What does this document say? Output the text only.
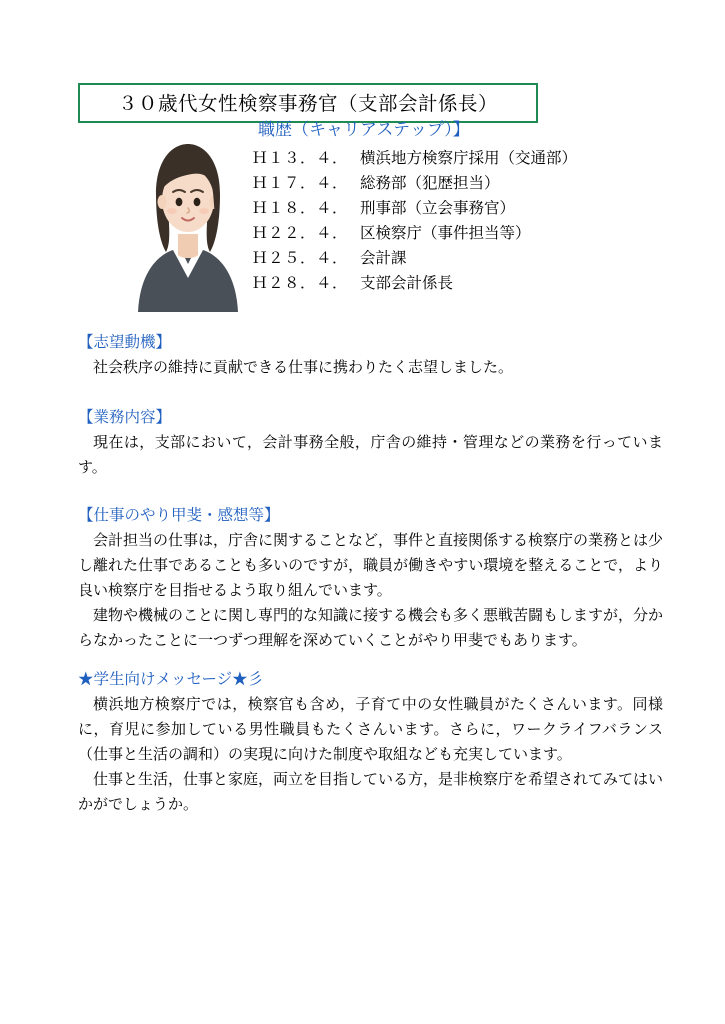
３０歳代女性検察事務官（支部会計係長）
職歴（キャリアステップ）】
Ｈ１３．４． 横浜地方検察庁採用（交通部）
Ｈ１７．４． 総務部（犯歴担当）
Ｈ１８．４． 刑事部（立会事務官）
Ｈ２２．４． 区検察庁（事件担当等）
Ｈ２５．４． 会計課
Ｈ２８．４． 支部会計係長
【志望動機】

社会秩序の維持に貢献できる仕事に携わりたく志望しました。

【業務内容】

現在は，支部において，会計事務全般，庁舎の維持・管理などの業務を行っています。

【仕事のやり甲斐・感想等】

会計担当の仕事は，庁舎に関することなど，事件と直接関係する検察庁の業務とは少し離れた仕事であることも多いのですが，職員が働きやすい環境を整えることで，より良い検察庁を目指せるよう取り組んでいます。

建物や機械のことに関し専門的な知識に接する機会も多く悪戦苦闘もしますが，分からなかったことに一つずつ理解を深めていくことがやり甲斐でもあります。

★学生向けメッセージ★彡

横浜地方検察庁では，検察官も含め，子育て中の女性職員がたくさんいます。同様に，育児に参加している男性職員もたくさんいます。さらに，ワークライフバランス（仕事と生活の調和）の実現に向けた制度や取組なども充実しています。

仕事と生活，仕事と家庭，両立を目指している方，是非検察庁を希望されてみてはいかがでしょうか。
